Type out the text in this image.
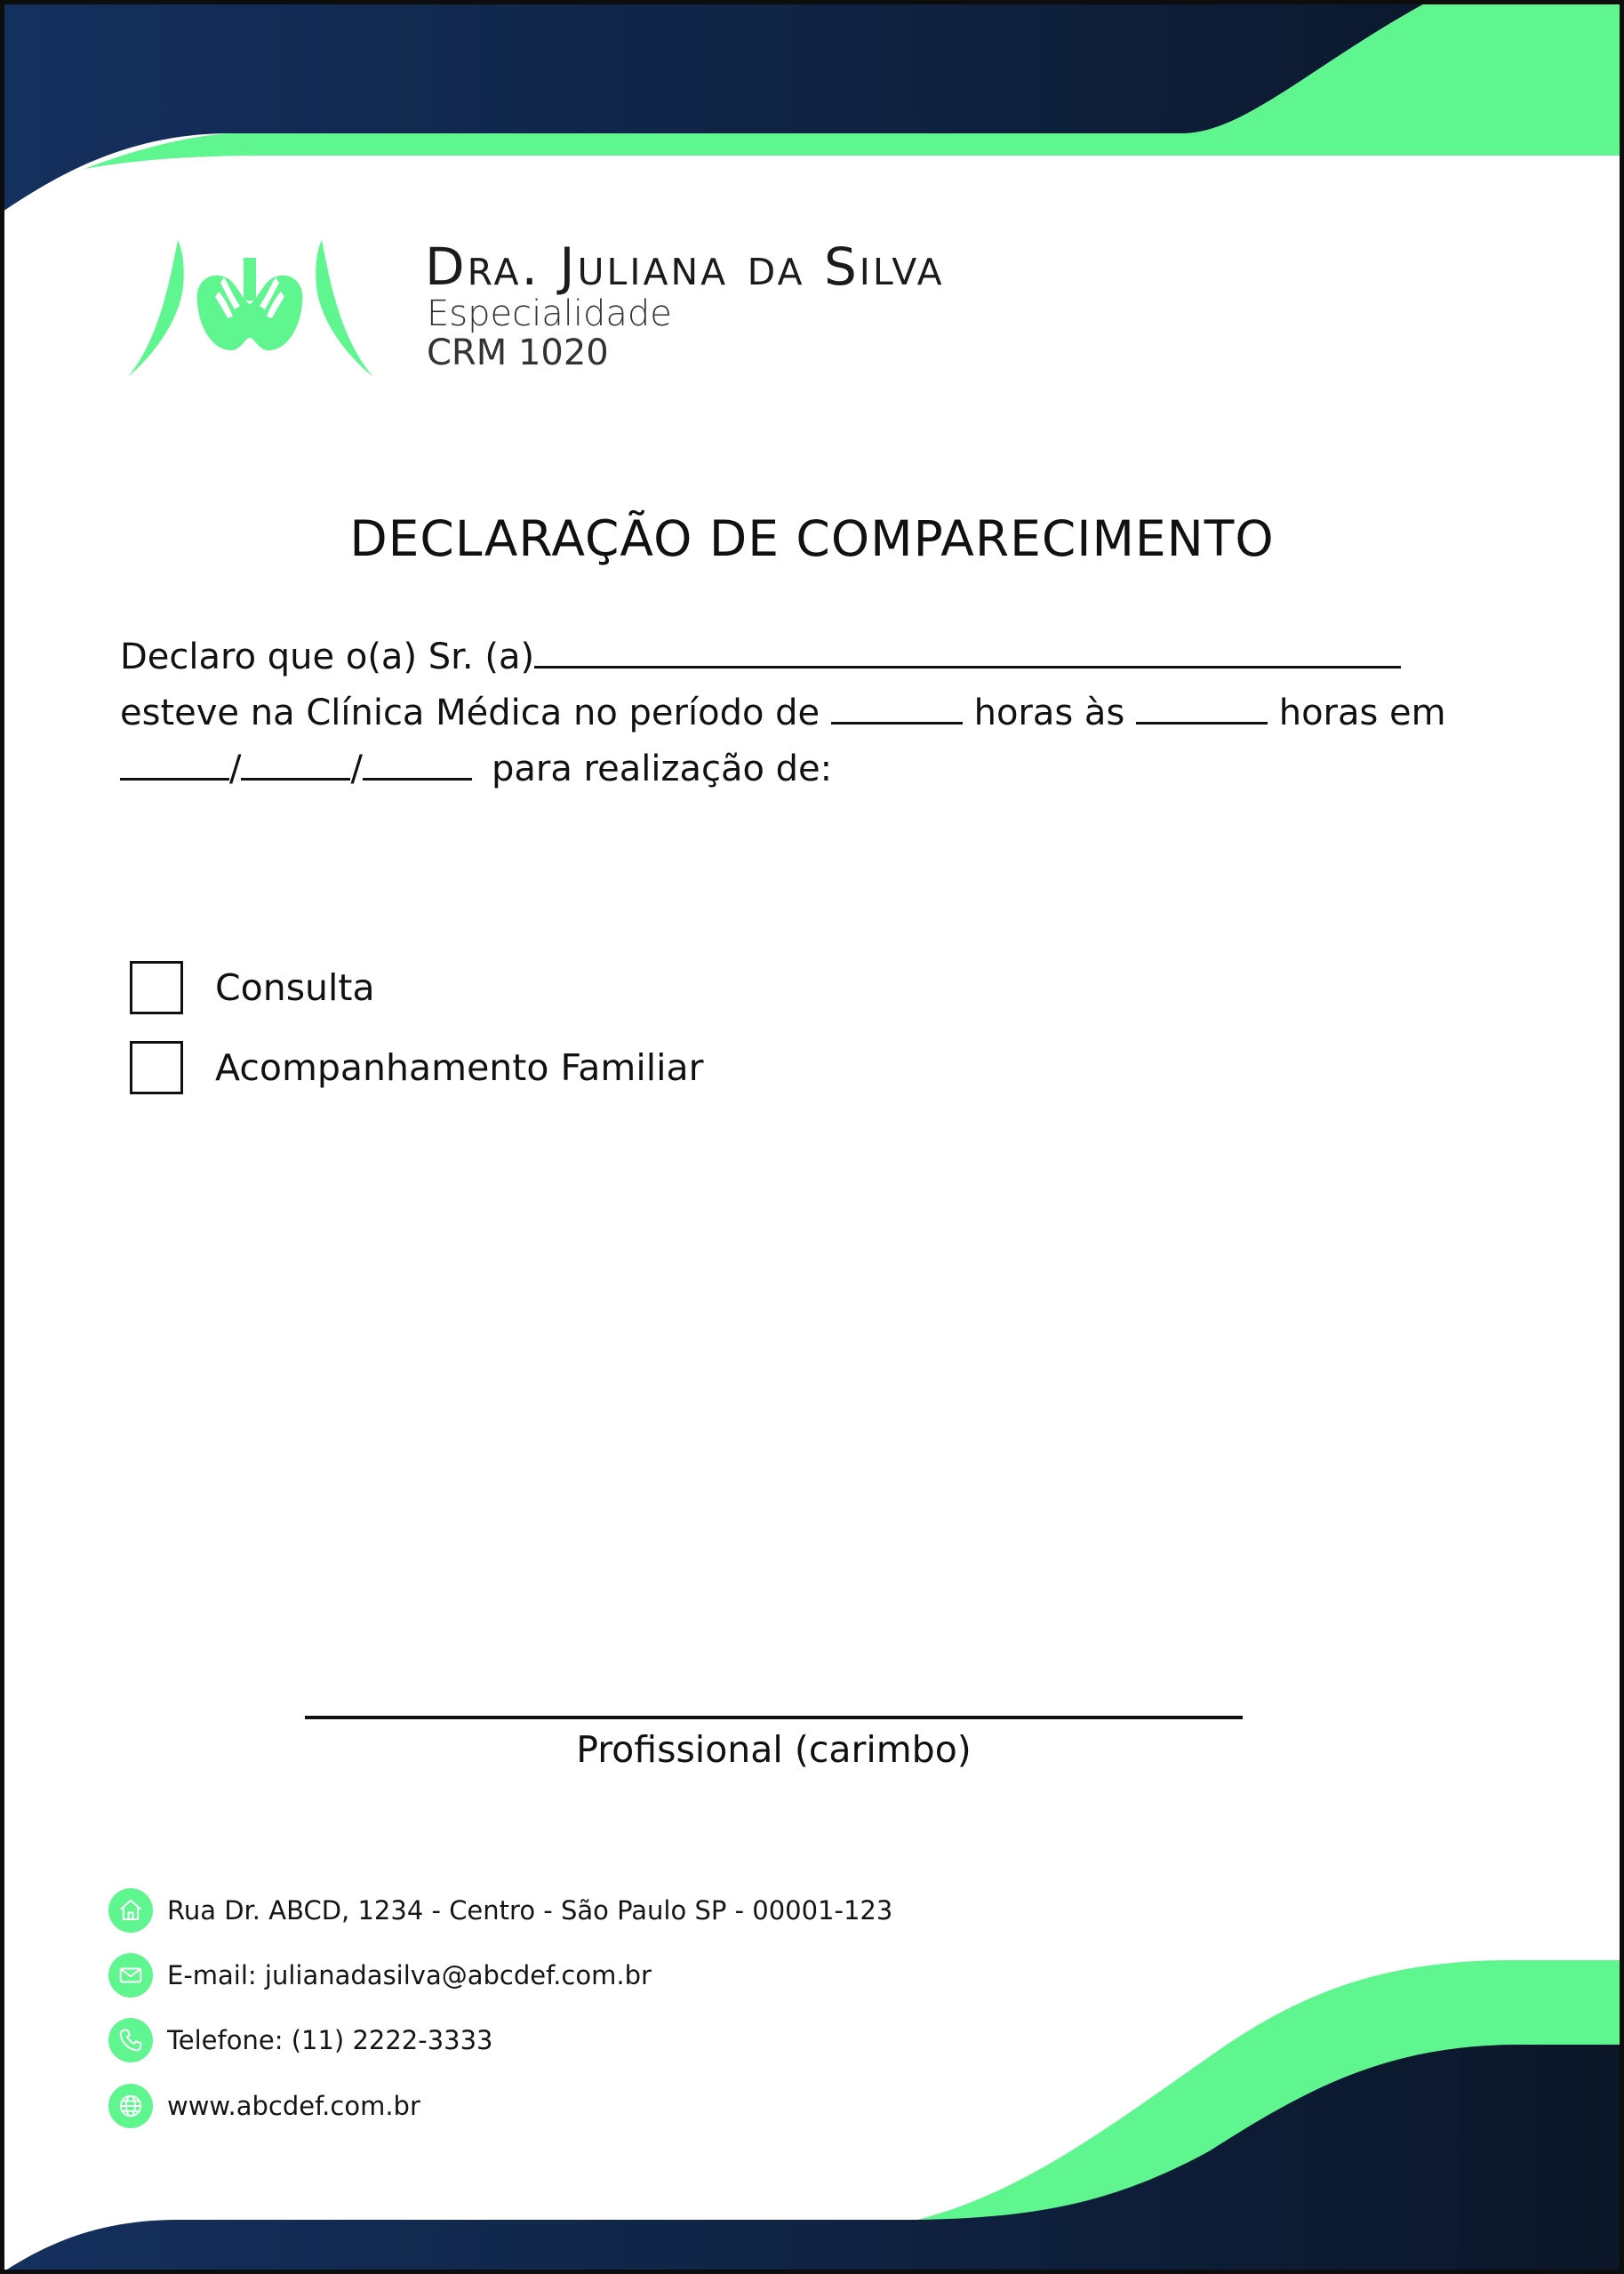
Dra. Juliana da Silva
Especialidade
CRM 1020
DECLARAÇÃO DE COMPARECIMENTO
Declaro que o(a) Sr. (a)
esteve na Clínica Médica no período de	horas às	horas em
/	/	para realização de:
Consulta
Acompanhamento Familiar
Profissional (carimbo)
Rua Dr. ABCD, 1234 - Centro - São Paulo SP - 00001-123
E-mail: julianadasilva@abcdef.com.br
Telefone: (11) 2222-3333
www.abcdef.com.br
